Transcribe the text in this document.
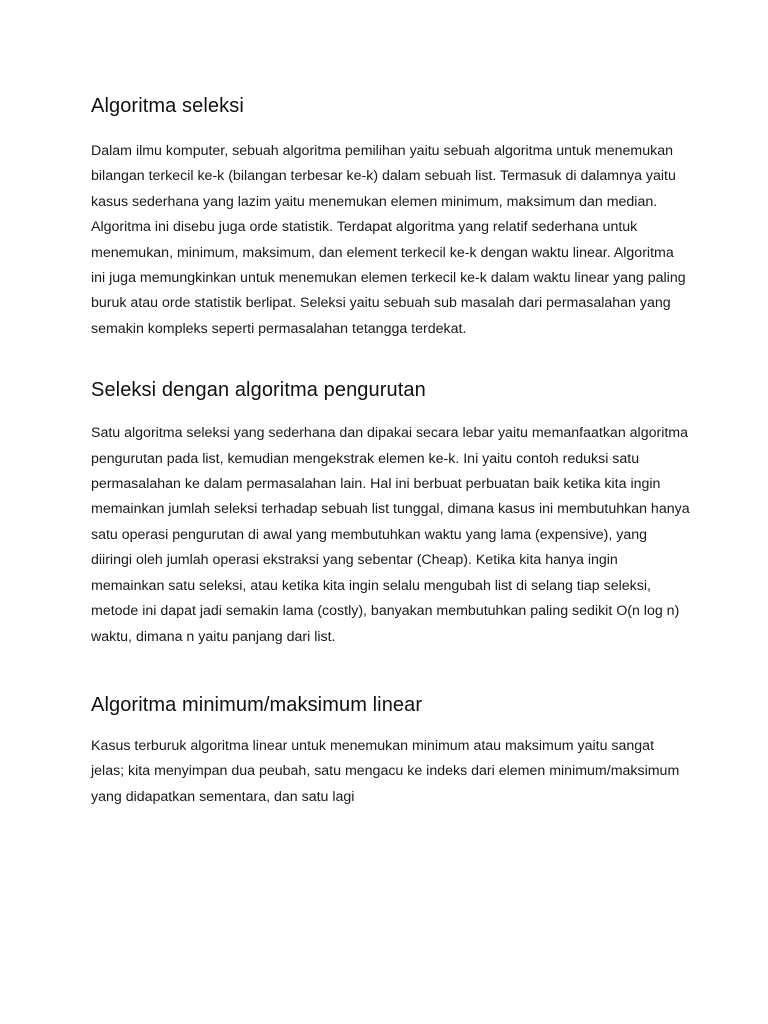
Algoritma seleksi

Dalam ilmu komputer, sebuah algoritma pemilihan yaitu sebuah algoritma untuk menemukan bilangan terkecil ke-k (bilangan terbesar ke-k) dalam sebuah list. Termasuk di dalamnya yaitu kasus sederhana yang lazim yaitu menemukan elemen minimum, maksimum dan median. Algoritma ini disebu juga orde statistik. Terdapat algoritma yang relatif sederhana untuk menemukan, minimum, maksimum, dan element terkecil ke-k dengan waktu linear. Algoritma ini juga memungkinkan untuk menemukan elemen terkecil ke-k dalam waktu linear yang paling buruk atau orde statistik berlipat. Seleksi yaitu sebuah sub masalah dari permasalahan yang semakin kompleks seperti permasalahan tetangga terdekat.

Seleksi dengan algoritma pengurutan

Satu algoritma seleksi yang sederhana dan dipakai secara lebar yaitu memanfaatkan algoritma pengurutan pada list, kemudian mengekstrak elemen ke-k. Ini yaitu contoh reduksi satu permasalahan ke dalam permasalahan lain. Hal ini berbuat perbuatan baik ketika kita ingin memainkan jumlah seleksi terhadap sebuah list tunggal, dimana kasus ini membutuhkan hanya satu operasi pengurutan di awal yang membutuhkan waktu yang lama (expensive), yang diiringi oleh jumlah operasi ekstraksi yang sebentar (Cheap). Ketika kita hanya ingin memainkan satu seleksi, atau ketika kita ingin selalu mengubah list di selang tiap seleksi, metode ini dapat jadi semakin lama (costly), banyakan membutuhkan paling sedikit O(n log n) waktu, dimana n yaitu panjang dari list.

Algoritma minimum/maksimum linear

Kasus terburuk algoritma linear untuk menemukan minimum atau maksimum yaitu sangat jelas; kita menyimpan dua peubah, satu mengacu ke indeks dari elemen minimum/maksimum yang didapatkan sementara, dan satu lagi
